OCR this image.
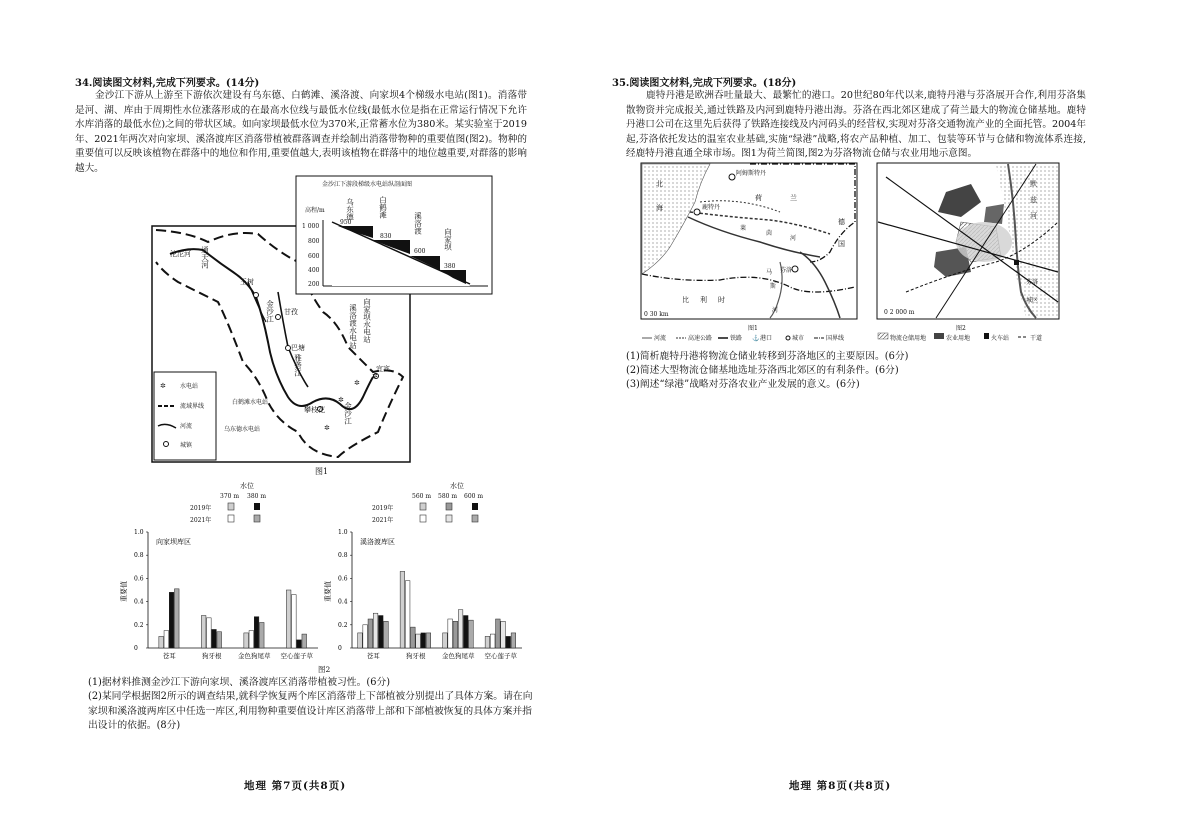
34.阅读图文材料,完成下列要求。(14分)

金沙江下游从上游至下游依次建设有乌东德、白鹤滩、溪洛渡、向家坝4个梯级水电站(图1)。消落带是河、湖、库由于周期性水位涨落形成的在最高水位线与最低水位线(最低水位是指在正常运行情况下允许水库消落的最低水位)之间的带状区域。如向家坝最低水位为370米,正常蓄水位为380米。某实验室于2019年、2021年两次对向家坝、溪洛渡库区消落带植被群落调查并绘制出消落带物种的重要值图(图2)。物种的重要值可以反映该植物在群落中的地位和作用,重要值越大,表明该植物在群落中的地位越重要,对群落的影响越大。

✲
✲
✲
✲
沱沱河 通天河
金沙江
雅砻江
金沙江
玉树
甘孜
巴塘
攀枝花
宜宾
溪洛渡水电站 向家坝水电站
白鹤滩水电站
乌东德水电站
✲ 水电站
流域界线
河流
城镇
金沙江下游段梯级水电站纵剖面图
高程/m
1 000
800
600
400
200
乌东德
950
白鹤滩
830
溪洛渡
600
向家坝
380
图1
水位
370 m 380 m
2019年
2021年
水位
560 m 580 m 600 m
2019年
2021年
1.0
0.8
0.6
0.4
0.2
0
重要值
向家坝库区
苍耳	狗牙根	金色狗尾草 空心莲子草
1.0
0.8
0.6
0.4
0.2
0
重要值
溪洛渡库区
苍耳	狗牙根	金色狗尾草 空心莲子草
图2

(1)据材料推测金沙江下游向家坝、溪洛渡库区消落带植被习性。(6分)

(2)某同学根据图2所示的调查结果,就科学恢复两个库区消落带上下部植被分别提出了具体方案。请在向家坝和溪洛渡两库区中任选一库区,利用物种重要值设计库区消落带上部和下部植被恢复的具体方案并指出设计的依据。(8分)

地理 第7页(共8页)
35.阅读图文材料,完成下列要求。(18分)

鹿特丹港是欧洲吞吐量最大、最繁忙的港口。20世纪80年代以来,鹿特丹港与芬洛展开合作,利用芬洛集散物资并完成报关,通过铁路及内河到鹿特丹港出海。芬洛在西北郊区建成了荷兰最大的物流仓储基地。鹿特丹港口公司在这里先后获得了铁路连接线及内河码头的经营权,实现对芬洛交通物流产业的全面托管。2004年起,芬洛依托发达的温室农业基础,实施“绿港”战略,将农产品种植、加工、包装等环节与仓储和物流体系连接,经鹿特丹港直通全球市场。图1为荷兰简图,图2为芬洛物流仓储与农业用地示意图。

北
海
阿姆斯特丹
鹿特丹
荷	兰
德
国
芬洛
比 利 时
莱
茵
河
马
斯
河
0 30 km
图1
河流	高速公路	铁路 ⚓ 港口	城市	国界线
默
兹
河
芬洛
城区
0 2 000 m
图2
物流仓储用地	农业用地	火车站	干道

(1)简析鹿特丹港将物流仓储业转移到芬洛地区的主要原因。(6分)

(2)简述大型物流仓储基地选址芬洛西北郊区的有利条件。(6分)

(3)阐述“绿港”战略对芬洛农业产业发展的意义。(6分)

地理 第8页(共8页)
